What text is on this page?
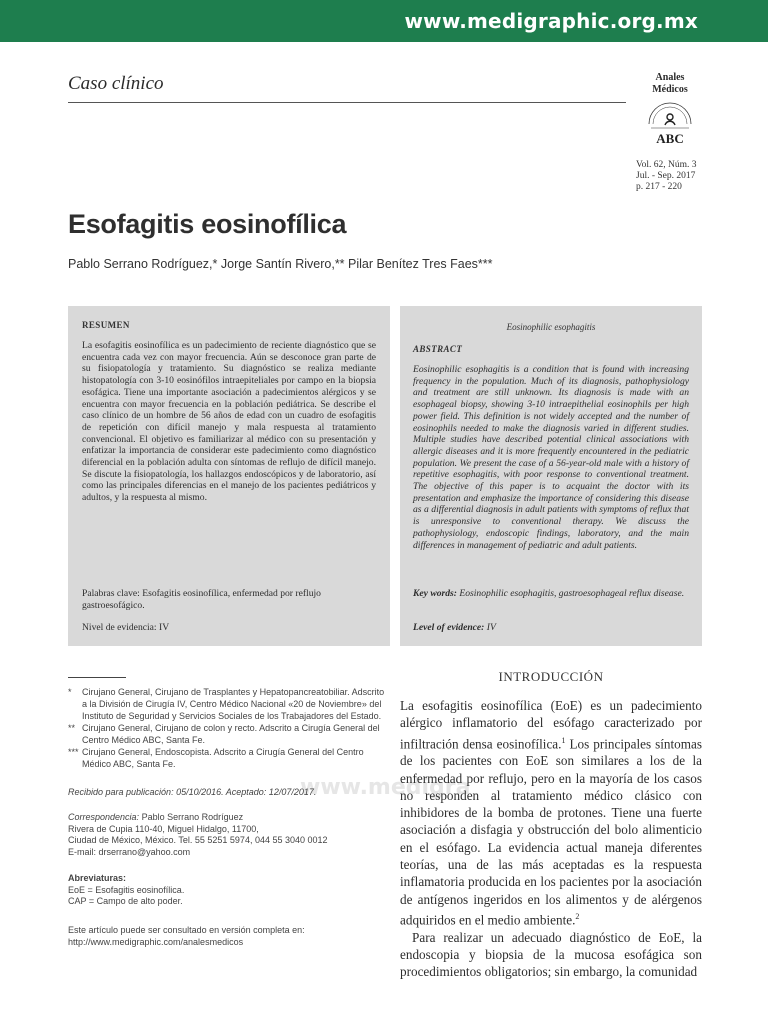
www.medigraphic.org.mx
Caso clínico	Anales
Médicos
ABC
Vol. 62, Núm. 3
Jul. - Sep. 2017
p. 217 - 220
Esofagitis eosinofílica
Pablo Serrano Rodríguez,* Jorge Santín Rivero,** Pilar Benítez Tres Faes***
RESUMEN
La esofagitis eosinofílica es un padecimiento de reciente diagnóstico que se encuentra cada vez con mayor frecuencia. Aún se desconoce gran parte de su fisiopatología y tratamiento. Su diagnóstico se realiza mediante histopatología con 3-10 eosinófilos intraepiteliales por campo en la biopsia esofágica. Tiene una importante asociación a padecimientos alérgicos y se encuentra con mayor frecuencia en la población pediátrica. Se describe el caso clínico de un hombre de 56 años de edad con un cuadro de esofagitis de repetición con difícil manejo y mala respuesta al tratamiento convencional. El objetivo es familiarizar al médico con su presentación y enfatizar la importancia de considerar este padecimiento como diagnóstico diferencial en la población adulta con síntomas de reflujo de difícil manejo. Se discute la fisiopatología, los hallazgos endoscópicos y de laboratorio, así como las principales diferencias en el manejo de los pacientes pediátricos y adultos, y la respuesta al mismo.
Palabras clave: Esofagitis eosinofílica, enfermedad por reflujo gastroesofágico.
Nivel de evidencia: IV
Eosinophilic esophagitis
ABSTRACT
Eosinophilic esophagitis is a condition that is found with increasing frequency in the population. Much of its diagnosis, pathophysiology and treatment are still unknown. Its diagnosis is made with an esophageal biopsy, showing 3-10 intraepithelial eosinophils per high power field. This definition is not widely accepted and the number of eosinophils needed to make the diagnosis varied in different studies. Multiple studies have described potential clinical associations with allergic diseases and it is more frequently encountered in the pediatric population. We present the case of a 56-year-old male with a history of repetitive esophagitis, with poor response to conventional treatment. The objective of this paper is to acquaint the doctor with its presentation and emphasize the importance of considering this disease as a differential diagnosis in adult patients with symptoms of reflux that is unresponsive to conventional therapy. We discuss the pathophysiology, endoscopic findings, laboratory, and the main differences in management of pediatric and adult patients.
Key words: Eosinophilic esophagitis, gastroesophageal reflux disease.
Level of evidence: IV
* Cirujano General, Cirujano de Trasplantes y Hepatopancreatobiliar. Adscrito a la División de Cirugía IV, Centro Médico Nacional «20 de Noviembre» del Instituto de Seguridad y Servicios Sociales de los Trabajadores del Estado.
** Cirujano General, Cirujano de colon y recto. Adscrito a Cirugía General del Centro Médico ABC, Santa Fe.
*** Cirujano General, Endoscopista. Adscrito a Cirugía General del Centro Médico ABC, Santa Fe.
www.medigra
Recibido para publicación: 05/10/2016. Aceptado: 12/07/2017.
Correspondencia: Pablo Serrano Rodríguez
Rivera de Cupia 110-40, Miguel Hidalgo, 11700,
Ciudad de México, México. Tel. 55 5251 5974, 044 55 3040 0012
E-mail: drserrano@yahoo.com
Abreviaturas:
EoE = Esofagitis eosinofílica.
CAP = Campo de alto poder.
Este artículo puede ser consultado en versión completa en:
http://www.medigraphic.com/analesmedicos
INTRODUCCIÓN

La esofagitis eosinofílica (EoE) es un padecimiento alérgico inflamatorio del esófago caracterizado por infiltración densa eosinofílica.$^1$ Los principales síntomas de los pacientes con EoE son similares a los de la enfermedad por reflujo, pero en la mayoría de los casos no responden al tratamiento médico clásico con inhibidores de la bomba de protones. Tiene una fuerte asociación a disfagia y obstrucción del bolo alimenticio en el esófago. La evidencia actual maneja diferentes teorías, una de las más aceptadas es la respuesta inflamatoria producida en los pacientes por la asociación de antígenos ingeridos en los alimentos y de alérgenos adquiridos en el medio ambiente.$^2$

Para realizar un adecuado diagnóstico de EoE, la endoscopia y biopsia de la mucosa esofágica son procedimientos obligatorios; sin embargo, la comunidad
